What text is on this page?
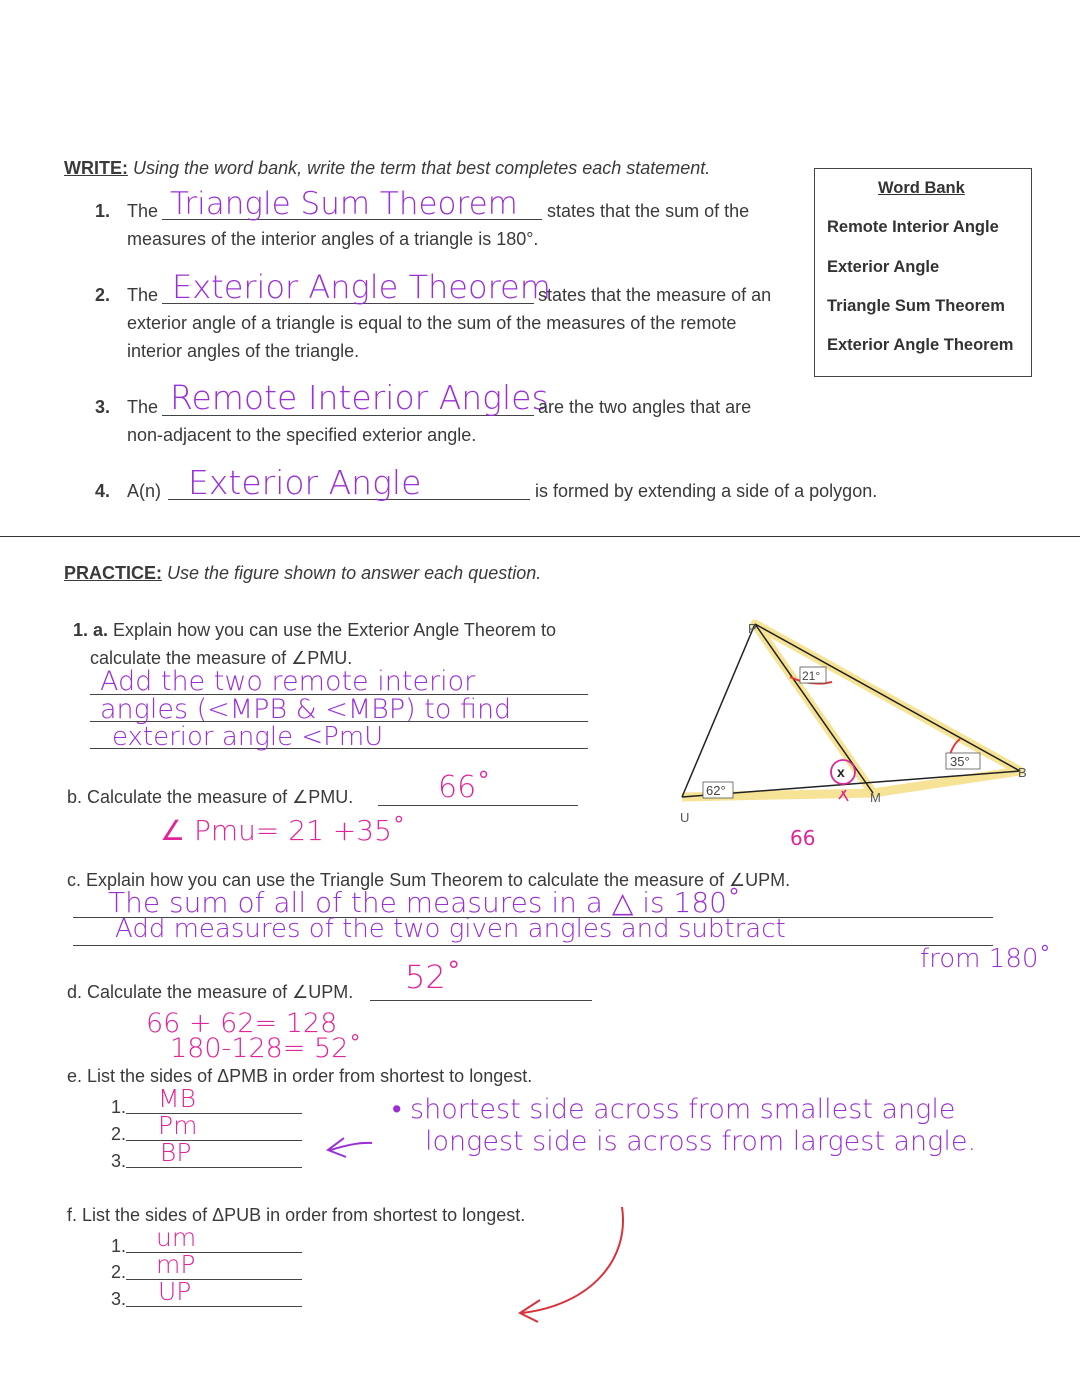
WRITE: Using the word bank, write the term that best completes each statement.
1. The Triangle Sum Theorem states that the sum of the
measures of the interior angles of a triangle is 180°.
2. The Exterior Angle Theorem
states that the measure of an
exterior angle of a triangle is equal to the sum of the measures of the remote
interior angles of the triangle.
3. The Remote Interior Angles
are the two angles that are
non-adjacent to the specified exterior angle.
4. A(n) Exterior Angle	is formed by extending a side of a polygon.
Word Bank
Remote Interior Angle
Exterior Angle
Triangle Sum Theorem
Exterior Angle Theorem
PRACTICE: Use the figure shown to answer each question.
1. a. Explain how you can use the Exterior Angle Theorem to
calculate the measure of ∠PMU.
Add the two remote interior
angles (<MPB & <MBP) to find
exterior angle <PmU
b. Calculate the measure of ∠PMU.	66˚
∠ Pmu= 21 +35˚
c. Explain how you can use the Triangle Sum Theorem to calculate the measure of ∠UPM.
The sum of all of the measures in a △ is 180˚
Add measures of the two given angles and subtract
from 180˚
d. Calculate the measure of ∠UPM. 52˚
66 + 62= 128
180-128= 52˚
e. List the sides of ΔPMB in order from shortest to longest.
1.
2.
3.
MB
Pm
BP
• shortest side across from smallest angle
longest side is across from largest angle.
f. List the sides of ΔPUB in order from shortest to longest.
1.
2.
3.
um
mP
UP
P
U
M
B
21°
35°
62°
x
66
